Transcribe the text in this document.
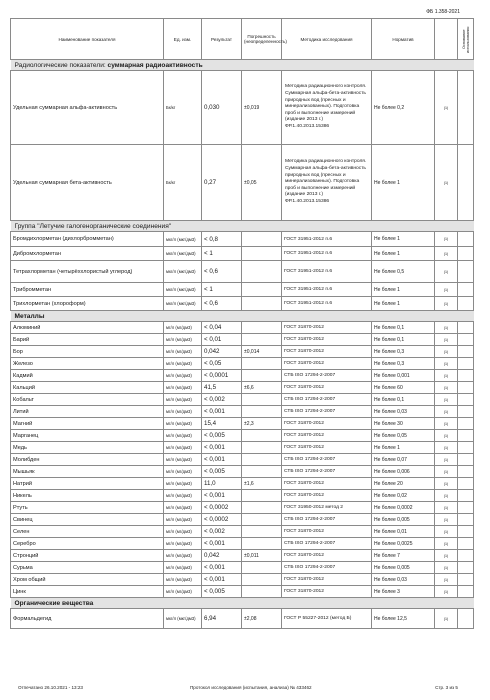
ФБ 1.358-2021
Наименование показателя	Ед. изм.	Результат	Погрешность (неопределенность)	Методика исследования	Норматив		Основание использования
Радиологические показатели: суммарная радиоактивность							
Удельная суммарная альфа-активность	Бк/кг	0,030	±0,019	Методика радиационного контроля. Суммарная альфа-бета-активность природных вод (пресных и минерализованных). Подготовка проб и выполнение измерений (издание 2013 г.) ФР.1.40.2013.15386	Не более 0,2	(1)	
Удельная суммарная бета-активность	Бк/кг	0,27	±0,05	Методика радиационного контроля. Суммарная альфа-бета-активность природных вод (пресных и минерализованных). Подготовка проб и выполнение измерений (издание 2013 г.) ФР.1.40.2013.15386	Не более 1	(1)	
Группа "Летучие галогенорганические соединения"							
Бромдихлорметан (дихлорбромметан)	мкг/л (мкг/дм3)	< 0,8		ГОСТ 31951-2012 п.6	Не более 1	(1)	
Дибромхлорметан	мкг/л (мкг/дм3)	< 1		ГОСТ 31951-2012 п.6	Не более 1	(1)	
Тетрахлорметан (четырёххлористый углерод)	мкг/л (мкг/дм3)	< 0,6		ГОСТ 31951-2012 п.6	Не более 0,5	(1)	
Трибромметан	мкг/л (мкг/дм3)	< 1		ГОСТ 31951-2012 п.6	Не более 1	(1)	
Трихлорметан (хлороформ)	мкг/л (мкг/дм3)	< 0,6		ГОСТ 31951-2012 п.6	Не более 1	(1)	
Металлы							
Алюминий	мг/л (мг/дм3)	< 0,04		ГОСТ 31870-2012	Не более 0,1	(1)	
Барий	мг/л (мг/дм3)	< 0,01		ГОСТ 31870-2012	Не более 0,1	(1)	
Бор	мг/л (мг/дм3)	0,042	±0,014	ГОСТ 31870-2012	Не более 0,3	(1)	
Железо	мг/л (мг/дм3)	< 0,05		ГОСТ 31870-2012	Не более 0,3	(1)	
Кадмий	мг/л (мг/дм3)	< 0,0001		СТБ ISO 17294-2-2007	Не более 0,001	(1)	
Кальций	мг/л (мг/дм3)	41,5	±6,6	ГОСТ 31870-2012	Не более 60	(1)	
Кобальт	мг/л (мг/дм3)	< 0,002		СТБ ISO 17294-2-2007	Не более 0,1	(1)	
Литий	мг/л (мг/дм3)	< 0,001		СТБ ISO 17294-2-2007	Не более 0,03	(1)	
Магний	мг/л (мг/дм3)	15,4	±2,3	ГОСТ 31870-2012	Не более 30	(1)	
Марганец	мг/л (мг/дм3)	< 0,005		ГОСТ 31870-2012	Не более 0,05	(1)	
Медь	мг/л (мг/дм3)	< 0,001		ГОСТ 31870-2012	Не более 1	(1)	
Молибден	мг/л (мг/дм3)	< 0,001		СТБ ISO 17294-2-2007	Не более 0,07	(1)	
Мышьяк	мг/л (мг/дм3)	< 0,005		СТБ ISO 17294-2-2007	Не более 0,006	(1)	
Натрий	мг/л (мг/дм3)	11,0	±1,6	ГОСТ 31870-2012	Не более 20	(1)	
Никель	мг/л (мг/дм3)	< 0,001		ГОСТ 31870-2012	Не более 0,02	(1)	
Ртуть	мг/л (мг/дм3)	< 0,0002		ГОСТ 31950-2012 метод 2	Не более 0,0002	(1)	
Свинец	мг/л (мг/дм3)	< 0,0002		СТБ ISO 17294-2-2007	Не более 0,005	(1)	
Селен	мг/л (мг/дм3)	< 0,002		ГОСТ 31870-2012	Не более 0,01	(1)	
Серебро	мг/л (мг/дм3)	< 0,001		СТБ ISO 17294-2-2007	Не более 0,0025	(1)	
Стронций	мг/л (мг/дм3)	0,042	±0,011	ГОСТ 31870-2012	Не более 7	(1)	
Сурьма	мг/л (мг/дм3)	< 0,001		СТБ ISO 17294-2-2007	Не более 0,005	(1)	
Хром общий	мг/л (мг/дм3)	< 0,001		ГОСТ 31870-2012	Не более 0,03	(1)	
Цинк	мг/л (мг/дм3)	< 0,005		ГОСТ 31870-2012	Не более 3	(1)	
Органические вещества							
Формальдегид	мкг/л (мкг/дм3)	6,94	±2,08	ГОСТ Р 55227-2012 (метод Б)	Не более 12,5	(1)	
Отпечатано 26.10.2021 - 13:23	Протокол исследования (испытания, анализа) № 433462	Стр. 3 из 5
